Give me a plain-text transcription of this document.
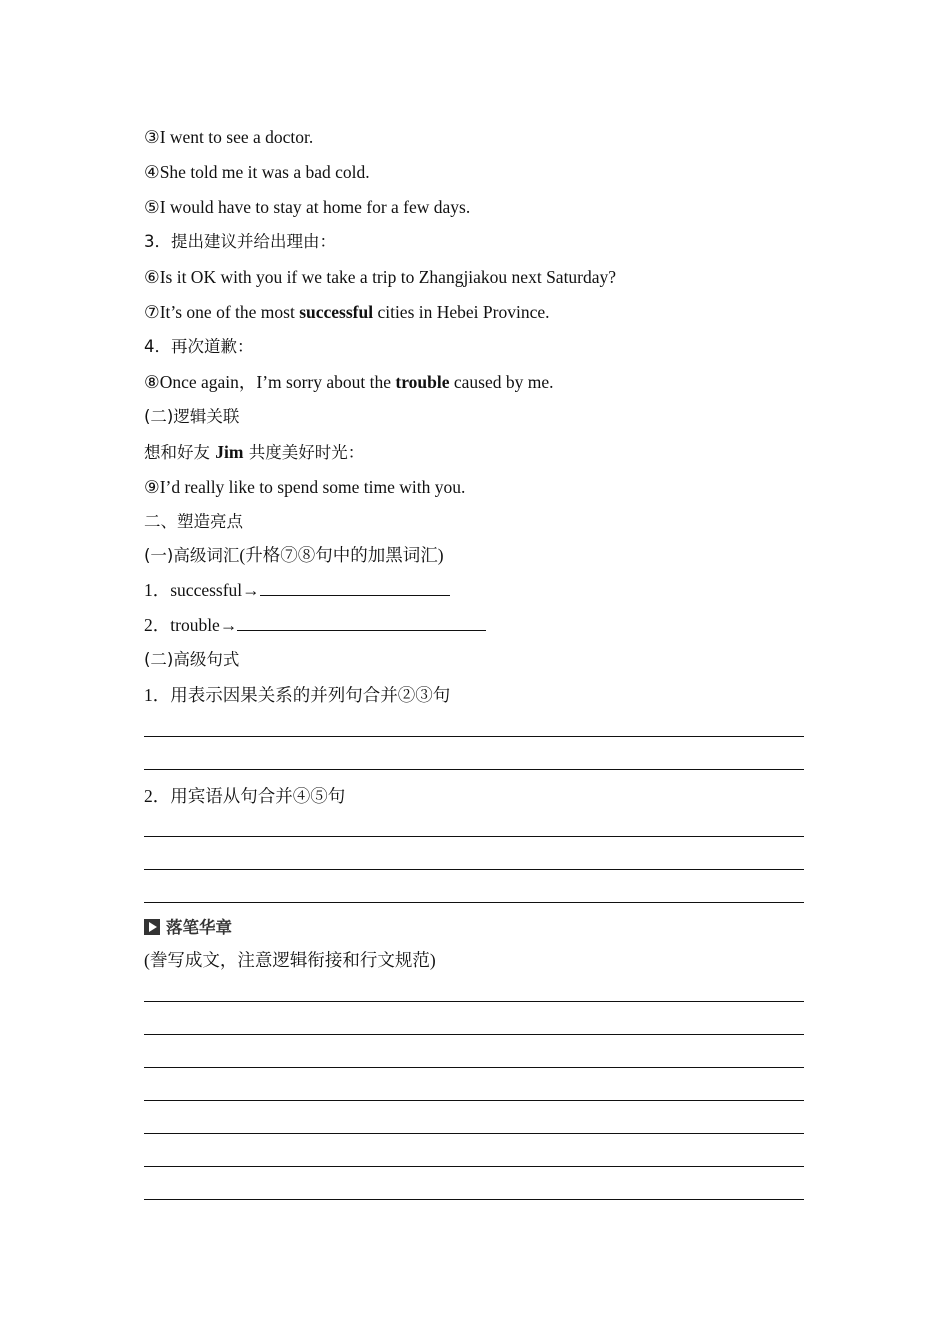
③I went to see a doctor.
④She told me it was a bad cold.
⑤I would have to stay at home for a few days.
3．提出建议并给出理由：
⑥Is it OK with you if we take a trip to Zhangjiakou next Saturday?
⑦It’s one of the most successful cities in Hebei Province.
4．再次道歉：
⑧Once again，I’m sorry about the trouble caused by me.
(二)逻辑关联
想和好友 Jim 共度美好时光：
⑨I’d really like to spend some time with you.
二、塑造亮点
(一)高级词汇(升格⑦⑧句中的加黑词汇)
1．successful→
2．trouble→
(二)高级句式
1．用表示因果关系的并列句合并②③句
2．用宾语从句合并④⑤句
落笔华章
(誊写成文，注意逻辑衔接和行文规范)
